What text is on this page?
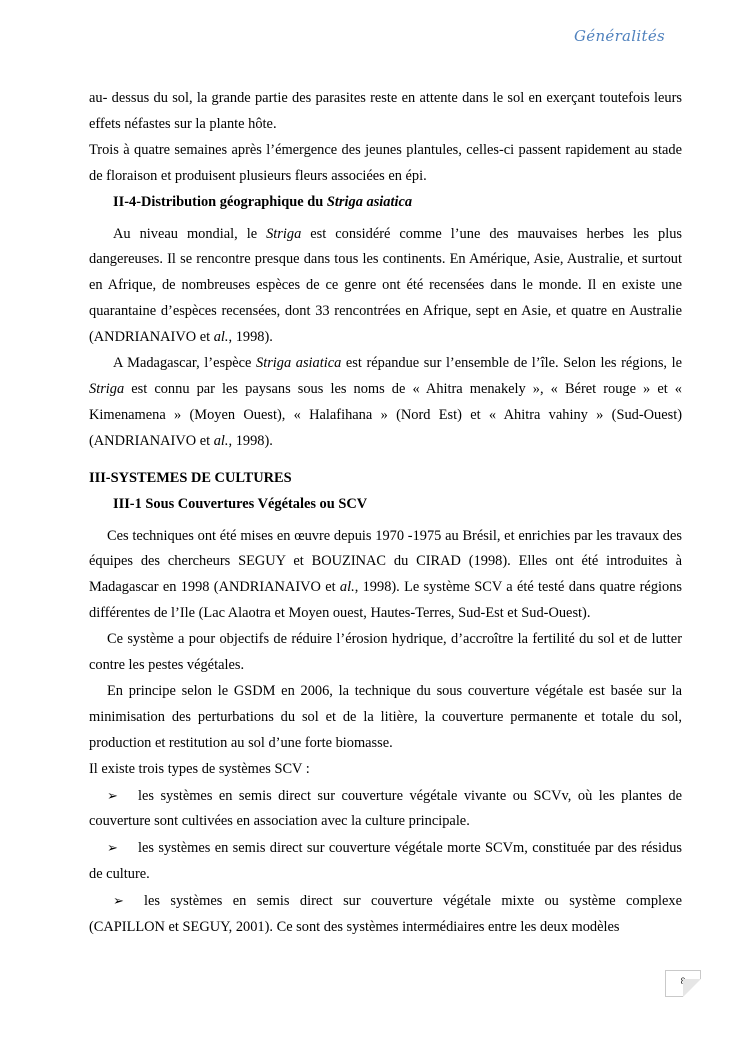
Généralités

au- dessus du sol, la grande partie des parasites reste en attente dans le sol en exerçant toutefois leurs effets néfastes sur la plante hôte.

Trois à quatre semaines après l’émergence des jeunes plantules, celles-ci passent rapidement au stade de floraison et produisent plusieurs fleurs associées en épi.

II-4-Distribution géographique du Striga asiatica

Au niveau mondial, le Striga est considéré comme l’une des mauvaises herbes les plus dangereuses. Il se rencontre presque dans tous les continents. En Amérique, Asie, Australie, et surtout en Afrique, de nombreuses espèces de ce genre ont été recensées dans le monde. Il en existe une quarantaine d’espèces recensées, dont 33 rencontrées en Afrique, sept en Asie, et quatre en Australie (ANDRIANAIVO et al., 1998).

A Madagascar, l’espèce Striga asiatica est répandue sur l’ensemble de l’île. Selon les régions, le Striga est connu par les paysans sous les noms de « Ahitra menakely », « Béret rouge » et « Kimenamena » (Moyen Ouest), « Halafihana » (Nord Est) et « Ahitra vahiny » (Sud-Ouest) (ANDRIANAIVO et al., 1998).

III-SYSTEMES DE CULTURES

III-1 Sous Couvertures Végétales ou SCV

Ces techniques ont été mises en œuvre depuis 1970 -1975 au Brésil, et enrichies par les travaux des équipes des chercheurs SEGUY et BOUZINAC du CIRAD (1998). Elles ont été introduites à Madagascar en 1998 (ANDRIANAIVO et al., 1998). Le système SCV a été testé dans quatre régions différentes de l’Ile (Lac Alaotra et Moyen ouest, Hautes-Terres, Sud-Est et Sud-Ouest).

Ce système a pour objectifs de réduire l’érosion hydrique, d’accroître la fertilité du sol et de lutter contre les pestes végétales.

En principe selon le GSDM en 2006, la technique du sous couverture végétale est basée sur la minimisation des perturbations du sol et de la litière, la couverture permanente et totale du sol, production et restitution au sol d’une forte biomasse.

Il existe trois types de systèmes SCV :

➢ les systèmes en semis direct sur couverture végétale vivante ou SCVv, où les plantes de couverture sont cultivées en association avec la culture principale.

➢ les systèmes en semis direct sur couverture végétale morte SCVm, constituée par des résidus de culture.

➢ les systèmes en semis direct sur couverture végétale mixte ou système complexe (CAPILLON et SEGUY, 2001). Ce sont des systèmes intermédiaires entre les deux modèles

8
